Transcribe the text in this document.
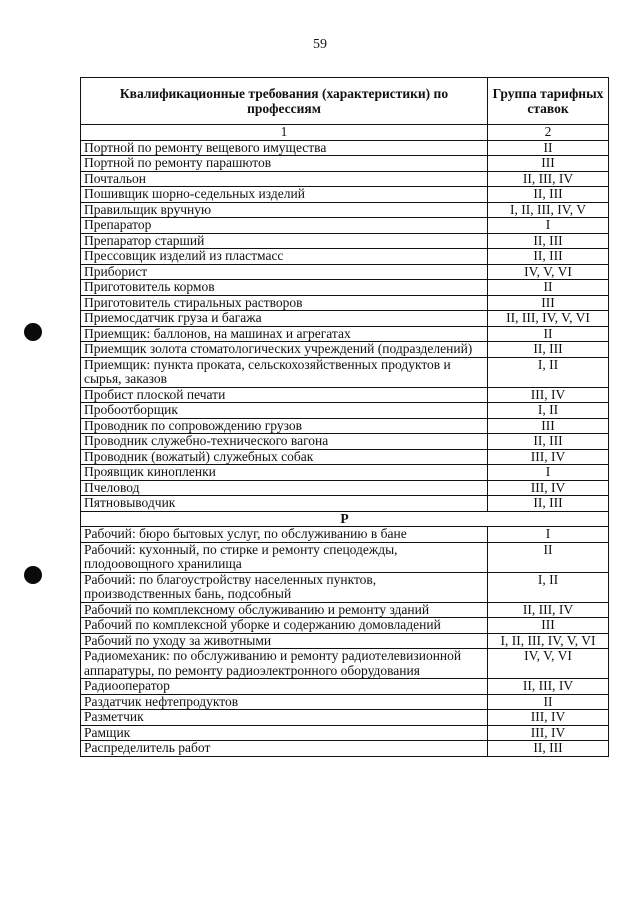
59
Квалификационные требования (характеристики) по профессиям	Группа тарифных ставок
1	2
Портной по ремонту вещевого имущества	II
Портной по ремонту парашютов	III
Почтальон	II, III, IV
Пошивщик шорно-седельных изделий	II, III
Правильщик вручную	I, II, III, IV, V
Препаратор	I
Препаратор старший	II, III
Прессовщик изделий из пластмасс	II, III
Приборист	IV, V, VI
Приготовитель кормов	II
Приготовитель стиральных растворов	III
Приемосдатчик груза и багажа	II, III, IV, V, VI
Приемщик: баллонов, на машинах и агрегатах	II
Приемщик золота стоматологических учреждений (подразделений)	II, III
Приемщик: пункта проката, сельскохозяйственных продуктов и сырья, заказов	I, II
Пробист плоской печати	III, IV
Пробоотборщик	I, II
Проводник по сопровождению грузов	III
Проводник служебно-технического вагона	II, III
Проводник (вожатый) служебных собак	III, IV
Проявщик кинопленки	I
Пчеловод	III, IV
Пятновыводчик	II, III
Р	
Рабочий: бюро бытовых услуг, по обслуживанию в бане	I
Рабочий: кухонный, по стирке и ремонту спецодежды, плодоовощного хранилища	II
Рабочий: по благоустройству населенных пунктов, производственных бань, подсобный	I, II
Рабочий по комплексному обслуживанию и ремонту зданий	II, III, IV
Рабочий по комплексной уборке и содержанию домовладений	III
Рабочий по уходу за животными	I, II, III, IV, V, VI
Радиомеханик: по обслуживанию и ремонту радиотелевизионной аппаратуры, по ремонту радиоэлектронного оборудования	IV, V, VI
Радиооператор	II, III, IV
Раздатчик нефтепродуктов	II
Разметчик	III, IV
Рамщик	III, IV
Распределитель работ	II, III
